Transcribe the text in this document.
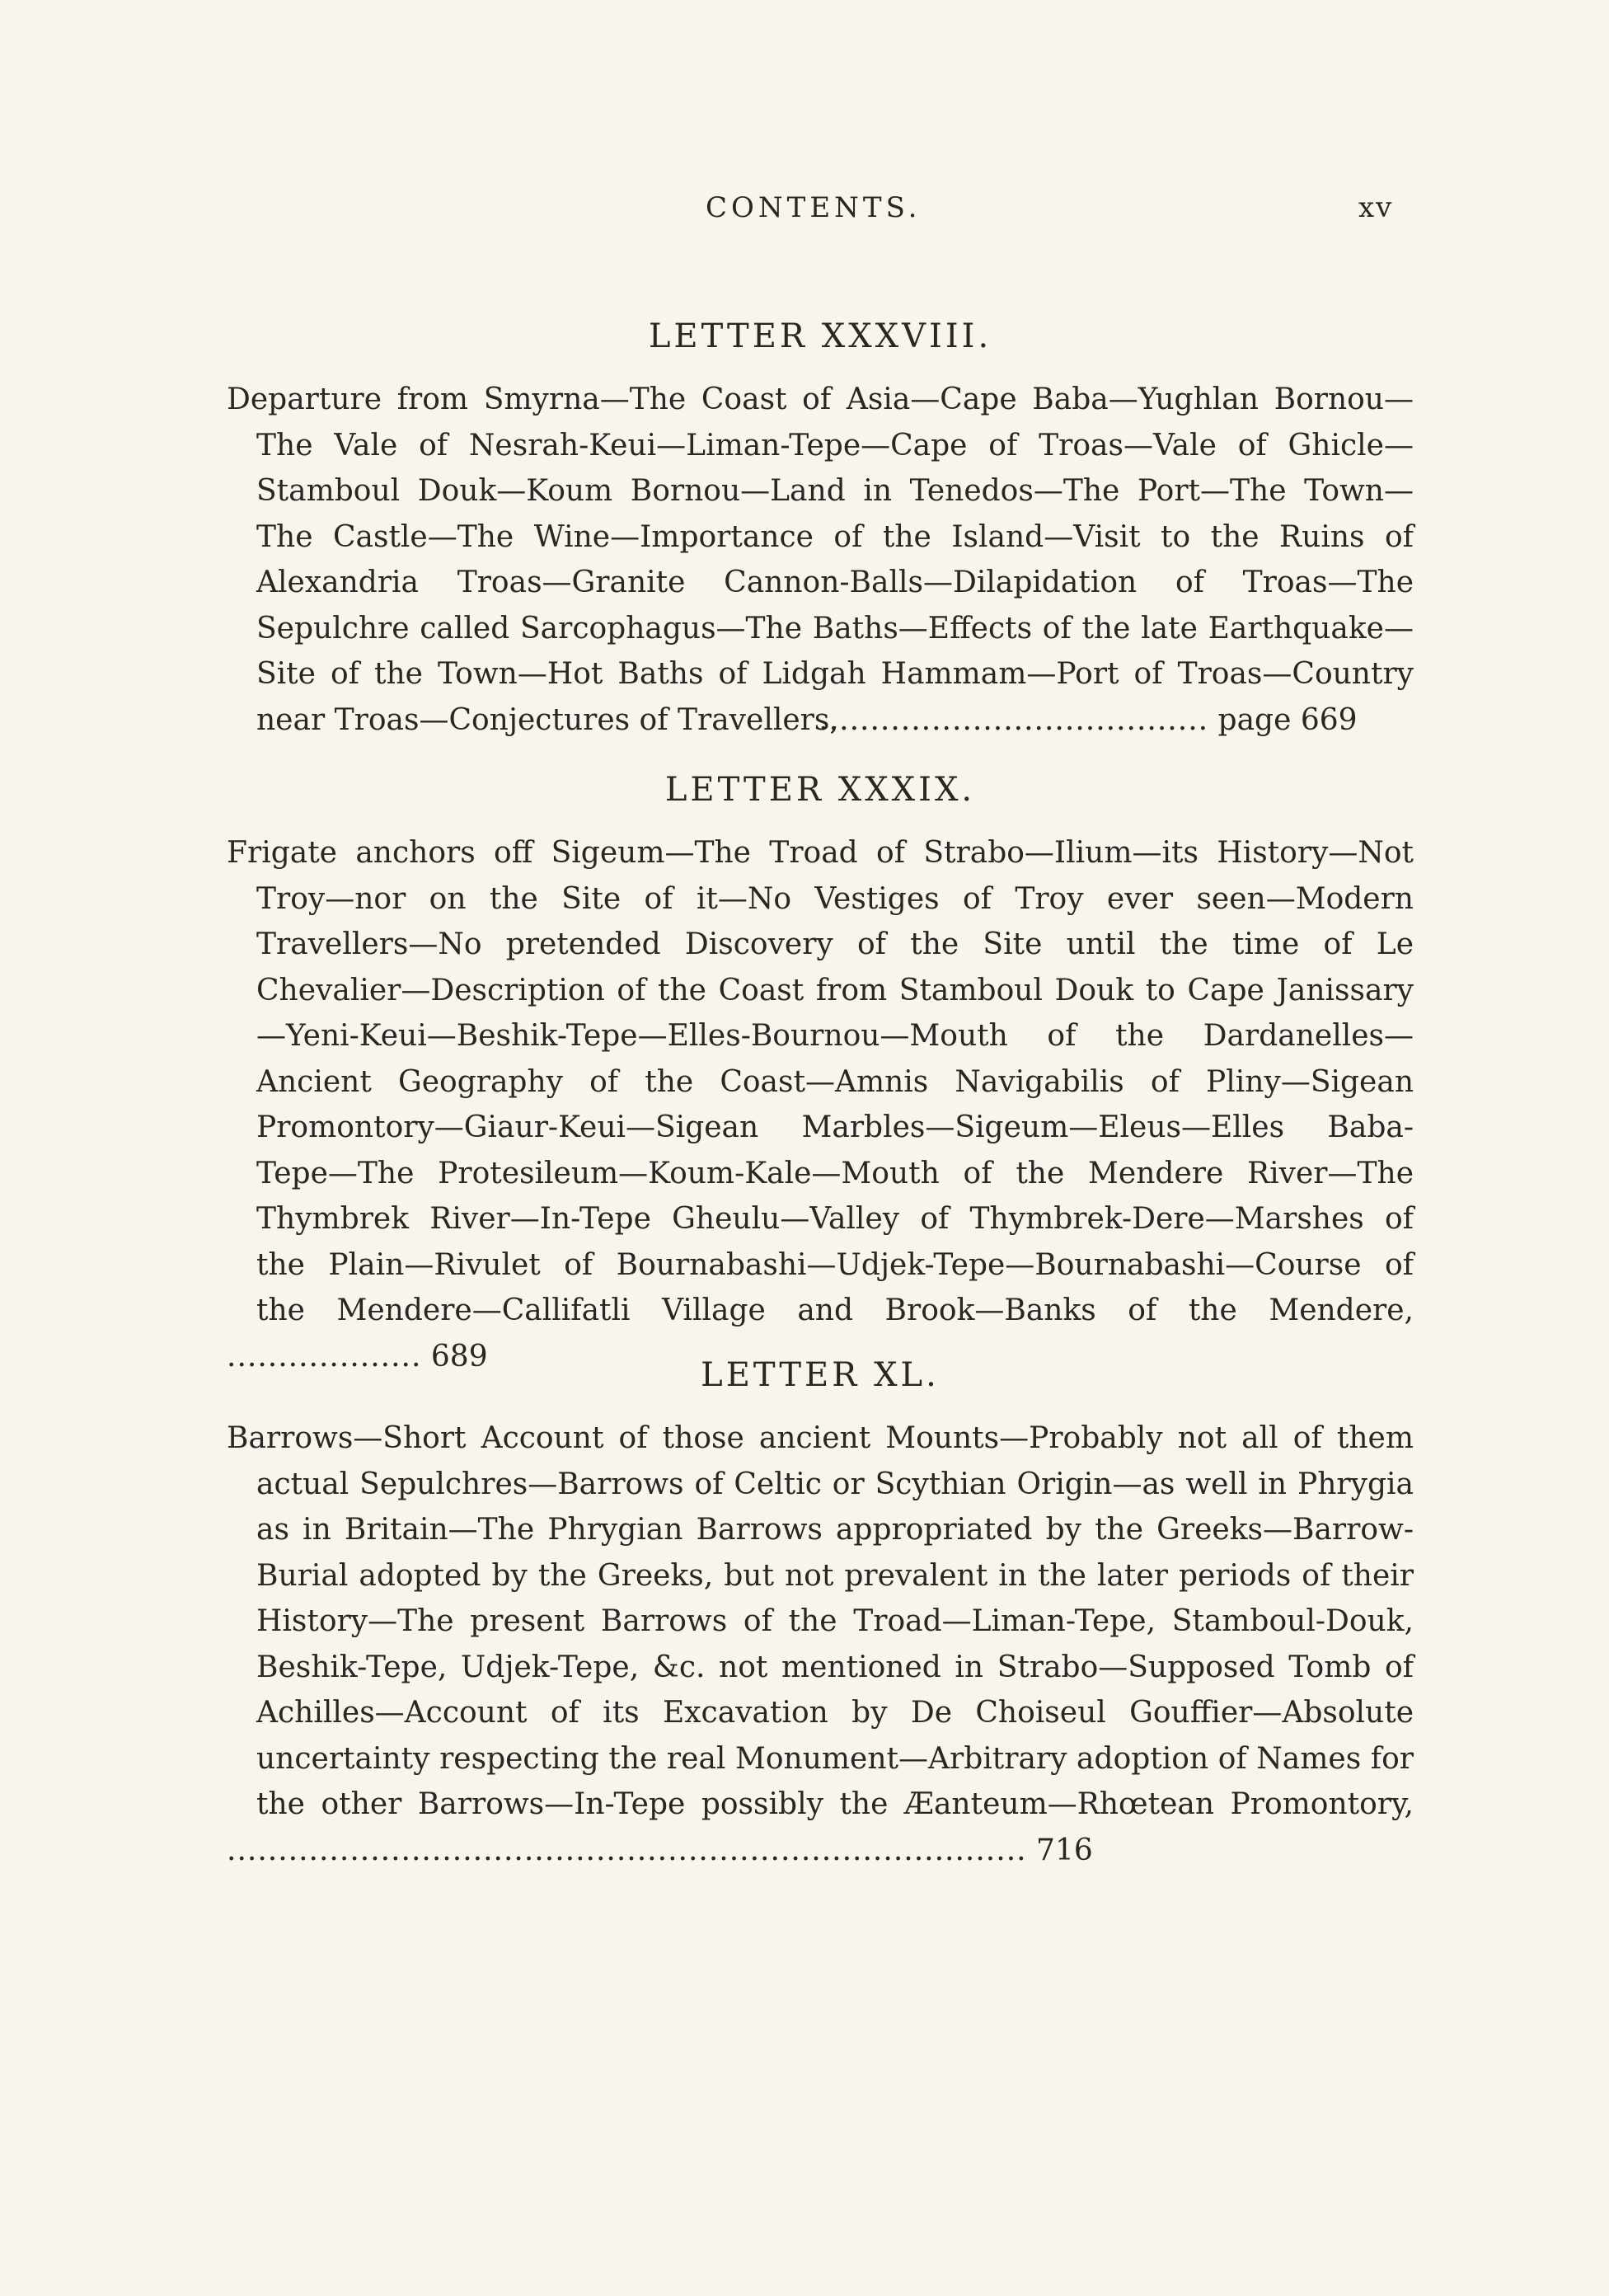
CONTENTS.	xv
LETTER XXXVIII.

Departure from Smyrna—The Coast of Asia—Cape Baba—Yughlan Bornou—The Vale of Nesrah-Keui—Liman-Tepe—Cape of Troas—Vale of Ghicle—Stamboul Douk—Koum Bornou—Land in Tenedos—The Port—The Town—The Castle—The Wine—Importance of the Island—Visit to the Ruins of Alexandria Troas—Granite Cannon-Balls—Dilapidation of Troas—The Sepulchre called Sarcophagus—The Baths—Effects of the late Earthquake—Site of the Town—Hot Baths of Lidgah Hammam—Port of Troas—Country near Troas—Conjectures of Travellers, ...................................... page 669

LETTER XXXIX.

Frigate anchors off Sigeum—The Troad of Strabo—Ilium—its History—Not Troy—nor on the Site of it—No Vestiges of Troy ever seen—Modern Travellers—No pretended Discovery of the Site until the time of Le Chevalier—Description of the Coast from Stamboul Douk to Cape Janissary—Yeni-Keui—Beshik-Tepe—Elles-Bournou—Mouth of the Dardanelles—Ancient Geography of the Coast—Amnis Navigabilis of Pliny—Sigean Promontory—Giaur-Keui—Sigean Marbles—Sigeum—Eleus—Elles Baba-Tepe—The Protesileum—Koum-Kale—Mouth of the Mendere River—The Thymbrek River—In-Tepe Gheulu—Valley of Thymbrek-Dere—Marshes of the Plain—Rivulet of Bournabashi—Udjek-Tepe—Bournabashi—Course of the Mendere—Callifatli Village and Brook—Banks of the Mendere, ................... 689	LETTER XL.

Barrows—Short Account of those ancient Mounts—Probably not all of them actual Sepulchres—Barrows of Celtic or Scythian Origin—as well in Phrygia as in Britain—The Phrygian Barrows appropriated by the Greeks—Barrow-Burial adopted by the Greeks, but not prevalent in the later periods of their History—The present Barrows of the Troad—Liman-Tepe, Stamboul-Douk, Beshik-Tepe, Udjek-Tepe, &c. not mentioned in Strabo—Supposed Tomb of Achilles—Account of its Excavation by De Choiseul Gouffier—Absolute uncertainty respecting the real Monument—Arbitrary adoption of Names for the other Barrows—In-Tepe possibly the Æanteum—Rhœtean Promontory, .............................................................................. 716
